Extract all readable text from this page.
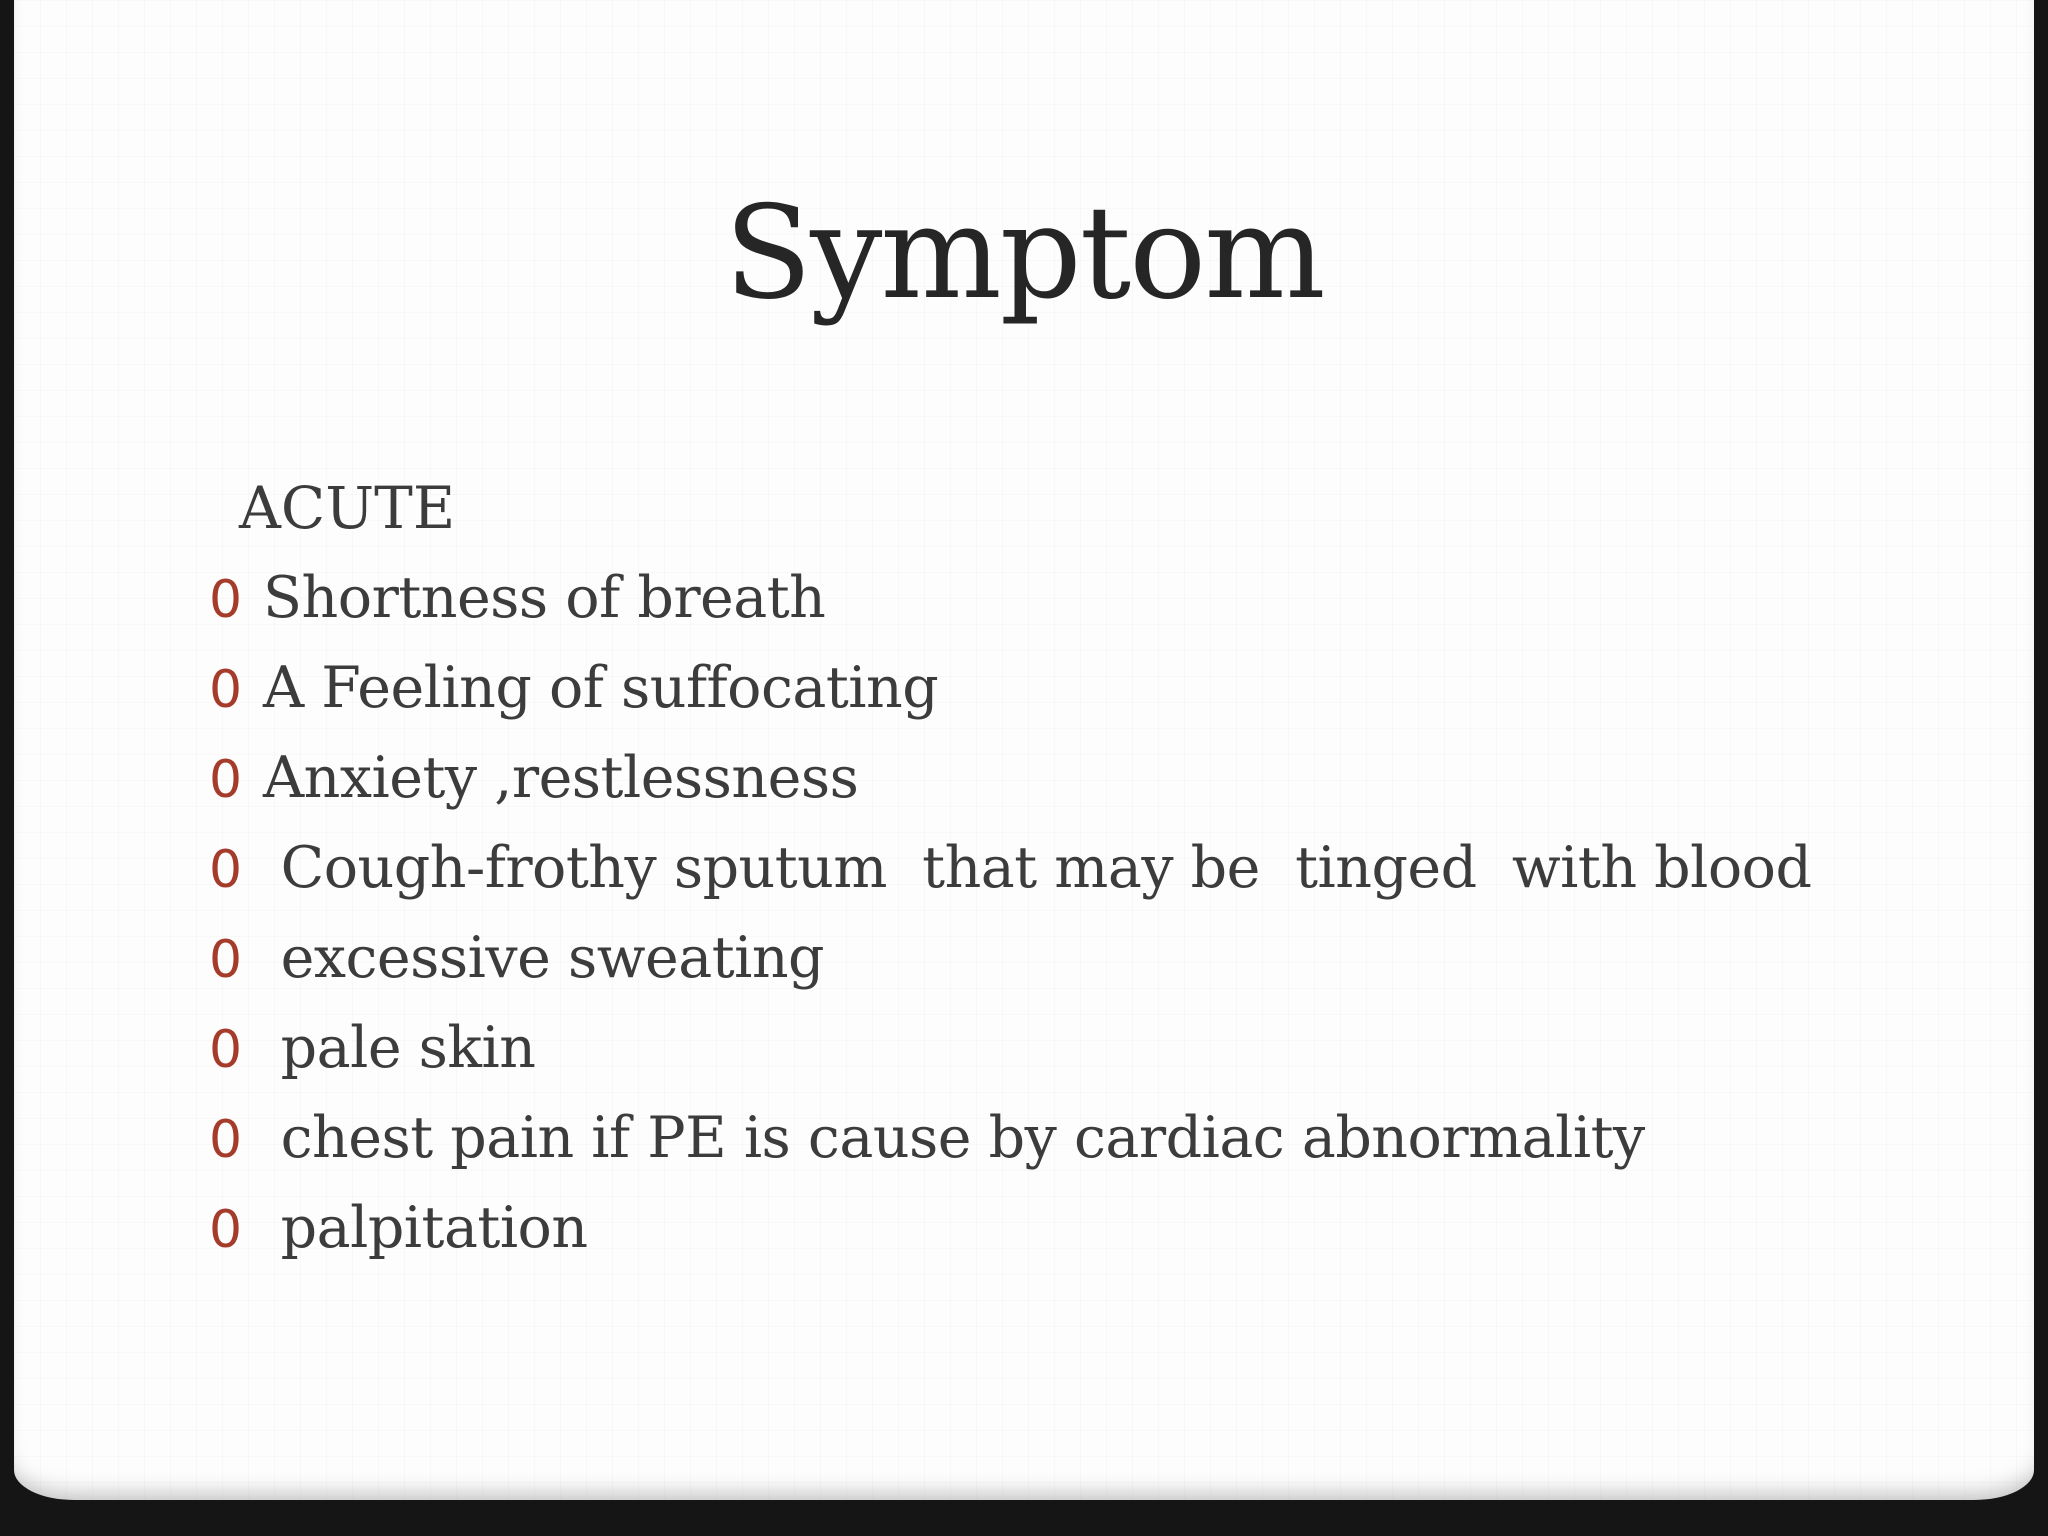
Symptom
ACUTE
0 Shortness of breath
0 A Feeling of suffocating
0 Anxiety ,restlessness
0 Cough-frothy sputum  that may be  tinged  with blood
0 excessive sweating
0 pale skin
0 chest pain if PE is cause by cardiac abnormality
0 palpitation
